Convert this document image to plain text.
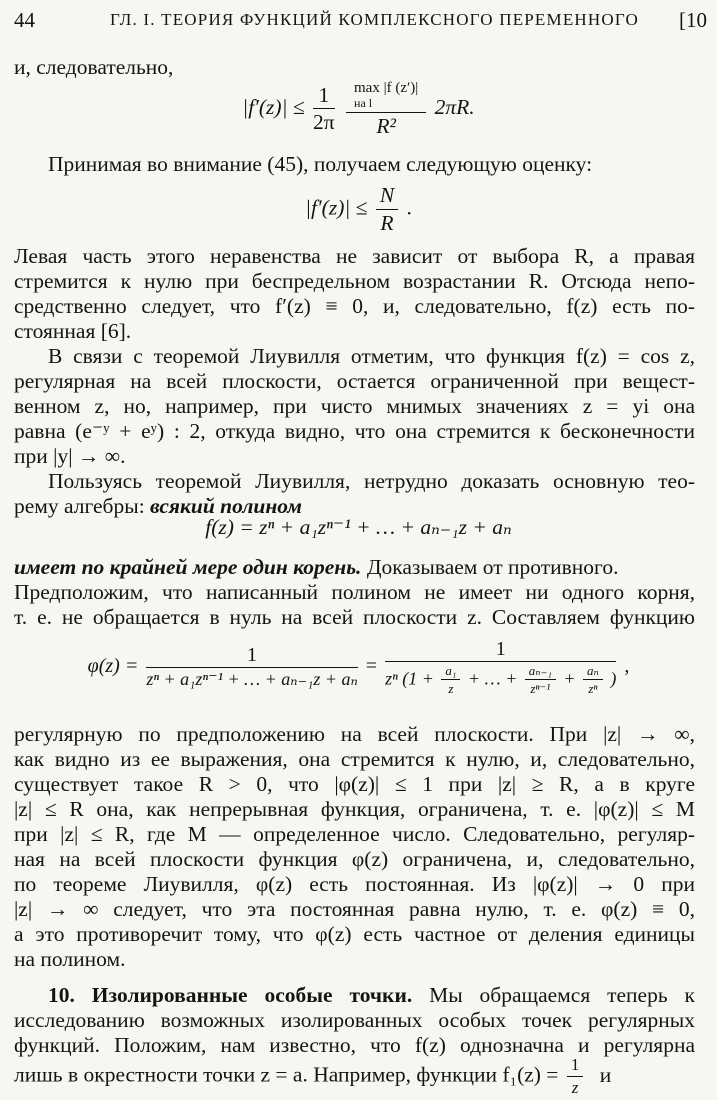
44	ГЛ. I. ТЕОРИЯ ФУНКЦИЙ КОМПЛЕКСНОГО ПЕРЕМЕННОГО [10
и, следовательно,
$|f'(z)| \le \frac{1}{2\pi}$
max |f (z′)|
на l
R² 2πR.
Принимая во внимание (45), получаем следующую оценку:
$|f'(z)| \le \frac{N}{R}$ .
Левая часть этого неравенства не зависит от выбора R, а правая
стремится к нулю при беспредельном возрастании R. Отсюда непо-
средственно следует, что f′(z) ≡ 0, и, следовательно, f(z) есть по-
стоянная [6].
В связи с теоремой Лиувилля отметим, что функция f(z) = cos z,
регулярная на всей плоскости, остается ограниченной при вещест-
венном z, но, например, при чисто мнимых значениях z = yi она
равна (e⁻ʸ + eʸ) : 2, откуда видно, что она стремится к бесконечности
при |y| → ∞.
Пользуясь теоремой Лиувилля, нетрудно доказать основную тео-
рему алгебры: всякий полином
f(z) = zⁿ + a₁zⁿ⁻¹ + … + aₙ₋₁z + aₙ
имеет по крайней мере один корень. Доказываем от противного.
Предположим, что написанный полином не имеет ни одного корня,
т. е. не обращается в нуль на всей плоскости z. Составляем функцию
$\varphi(z) = \frac{1}{\text{zⁿ + a₁zⁿ⁻¹ + … + aₙ₋₁z + aₙ}}$ =
1
zⁿ ($1 + \frac{\text{a₁}}{z}$ + … + $\frac{\text{aₙ₋₁}}{\text{zⁿ⁻¹}} + \frac{\text{aₙ}}{\text{zⁿ}}$ )
,
регулярную по предположению на всей плоскости. При |z| → ∞,
как видно из ее выражения, она стремится к нулю, и, следовательно,
существует такое R > 0, что |φ(z)| ≤ 1 при |z| ≥ R, а в круге
|z| ≤ R она, как непрерывная функция, ограничена, т. е. |φ(z)| ≤ M
при |z| ≤ R, где M — определенное число. Следовательно, регуляр-
ная на всей плоскости функция φ(z) ограничена, и, следовательно,
по теореме Лиувилля, φ(z) есть постоянная. Из |φ(z)| → 0 при
|z| → ∞ следует, что эта постоянная равна нулю, т. е. φ(z) ≡ 0,
а это противоречит тому, что φ(z) есть частное от деления единицы
на полином.
10. Изолированные особые точки. Мы обращаемся теперь к
исследованию возможных изолированных особых точек регулярных
функций. Положим, нам известно, что f(z) однозначна и регулярна
лишь в окрестности точки z = a. Например, функции $f_1(z) = \frac{1}{z}$ и
